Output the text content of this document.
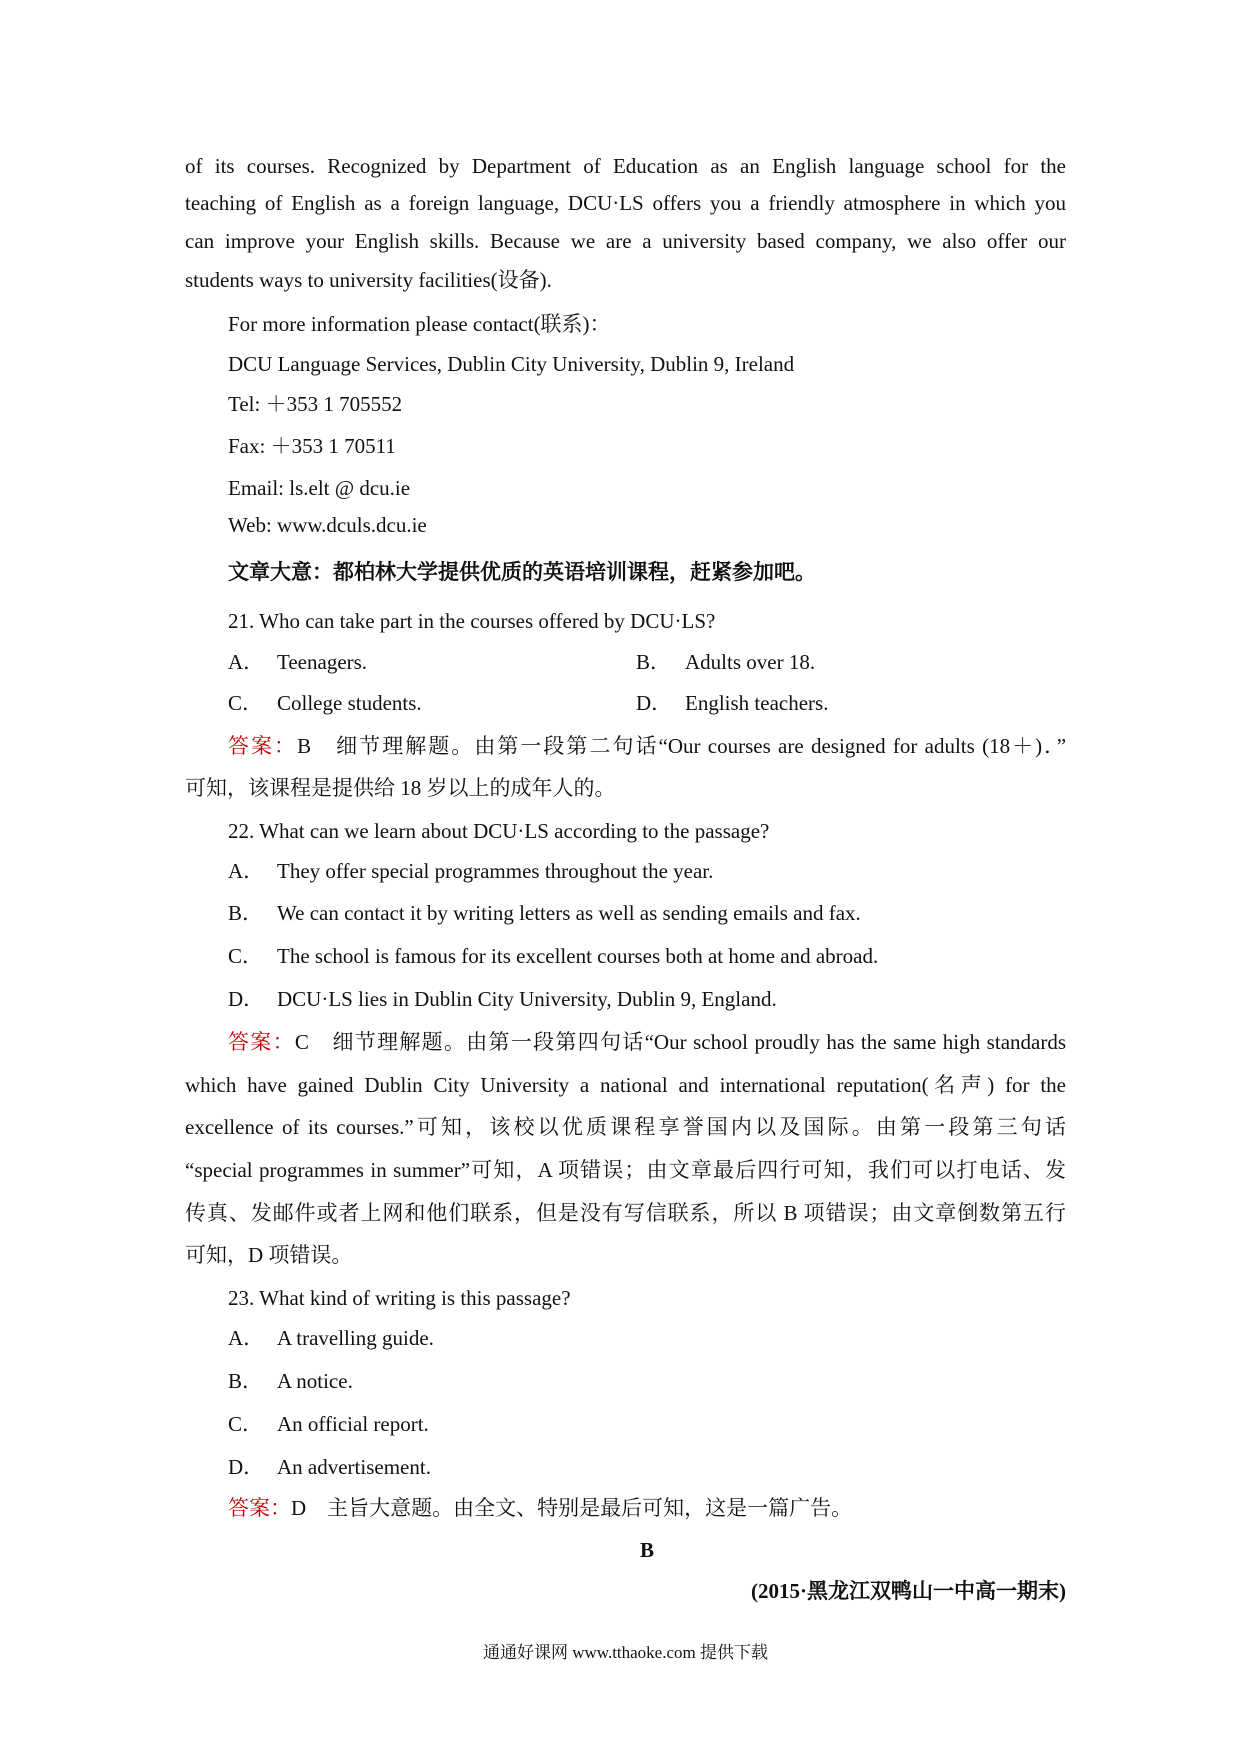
of its courses. Recognized by Department of Education as an English language school for the
teaching of English as a foreign language, DCU·LS offers you a friendly atmosphere in which you
can improve your English skills. Because we are a university based company, we also offer our
students ways to university facilities(设备).
For more information please contact(联系)：
DCU Language Services, Dublin City University, Dublin 9, Ireland
Tel: ＋353 1 705552
Fax: ＋353 1 70511
Email: ls.elt @ dcu.ie
Web: www.dculs.dcu.ie
文章大意：都柏林大学提供优质的英语培训课程，赶紧参加吧。
21. Who can take part in the courses offered by DCU·LS?
A． Teenagers.	B． Adults over 18.
C． College students.	D． English teachers.
答案：B　细节理解题。由第一段第二句话“Our courses are designed for adults (18＋)．”
可知，该课程是提供给 18 岁以上的成年人的。
22. What can we learn about DCU·LS according to the passage?
A． They offer special programmes throughout the year.
B． We can contact it by writing letters as well as sending emails and fax.
C． The school is famous for its excellent courses both at home and abroad.
D． DCU·LS lies in Dublin City University, Dublin 9, England.
答案：C　细节理解题。由第一段第四句话“Our school proudly has the same high standards
which have gained Dublin City University a national and international reputation(名声) for the
excellence of its courses.”可知，该校以优质课程享誉国内以及国际。由第一段第三句话
“special programmes in summer”可知，A 项错误；由文章最后四行可知，我们可以打电话、发
传真、发邮件或者上网和他们联系，但是没有写信联系，所以 B 项错误；由文章倒数第五行
可知，D 项错误。
23. What kind of writing is this passage?
A． A travelling guide.
B． A notice.
C． An official report.
D． An advertisement.
答案：D　主旨大意题。由全文、特别是最后可知，这是一篇广告。
B
(2015·黑龙江双鸭山一中高一期末)
通通好课网 www.tthaoke.com 提供下载
